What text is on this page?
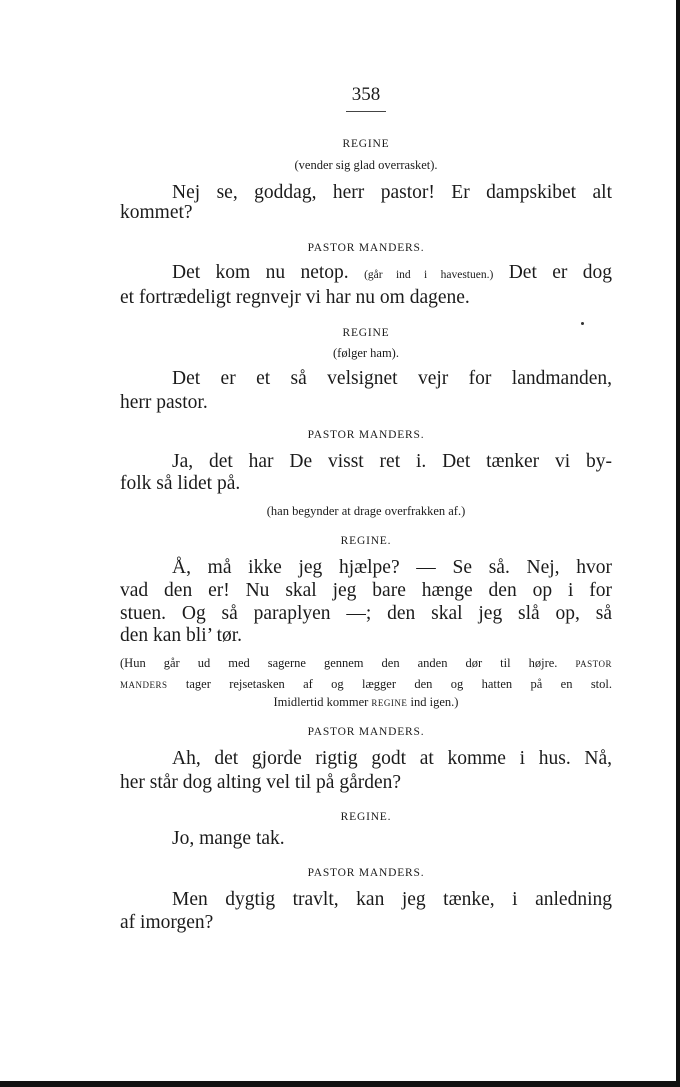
358
REGINE
(vender sig glad overrasket).
Nej se, goddag, herr pastor! Er dampskibet alt
kommet?
PASTOR MANDERS.
Det kom nu netop. (går ind i havestuen.) Det er dog
et fortrædeligt regnvejr vi har nu om dagene.
REGINE
(følger ham).
Det er et så velsignet vejr for landmanden,
herr pastor.
PASTOR MANDERS.
Ja, det har De visst ret i. Det tænker vi by-
folk så lidet på.
(han begynder at drage overfrakken af.)
REGINE.
Å, må ikke jeg hjælpe? — Se så. Nej, hvor
vad den er! Nu skal jeg bare hænge den op i for
stuen. Og så paraplyen —; den skal jeg slå op, så
den kan bli’ tør.
(Hun går ud med sagerne gennem den anden dør til højre. PASTOR
MANDERS tager rejsetasken af og lægger den og hatten på en stol.
Imidlertid kommer REGINE ind igen.)
PASTOR MANDERS.
Ah, det gjorde rigtig godt at komme i hus. Nå,
her står dog alting vel til på gården?
REGINE.
Jo, mange tak.
PASTOR MANDERS.
Men dygtig travlt, kan jeg tænke, i anledning
af imorgen?
